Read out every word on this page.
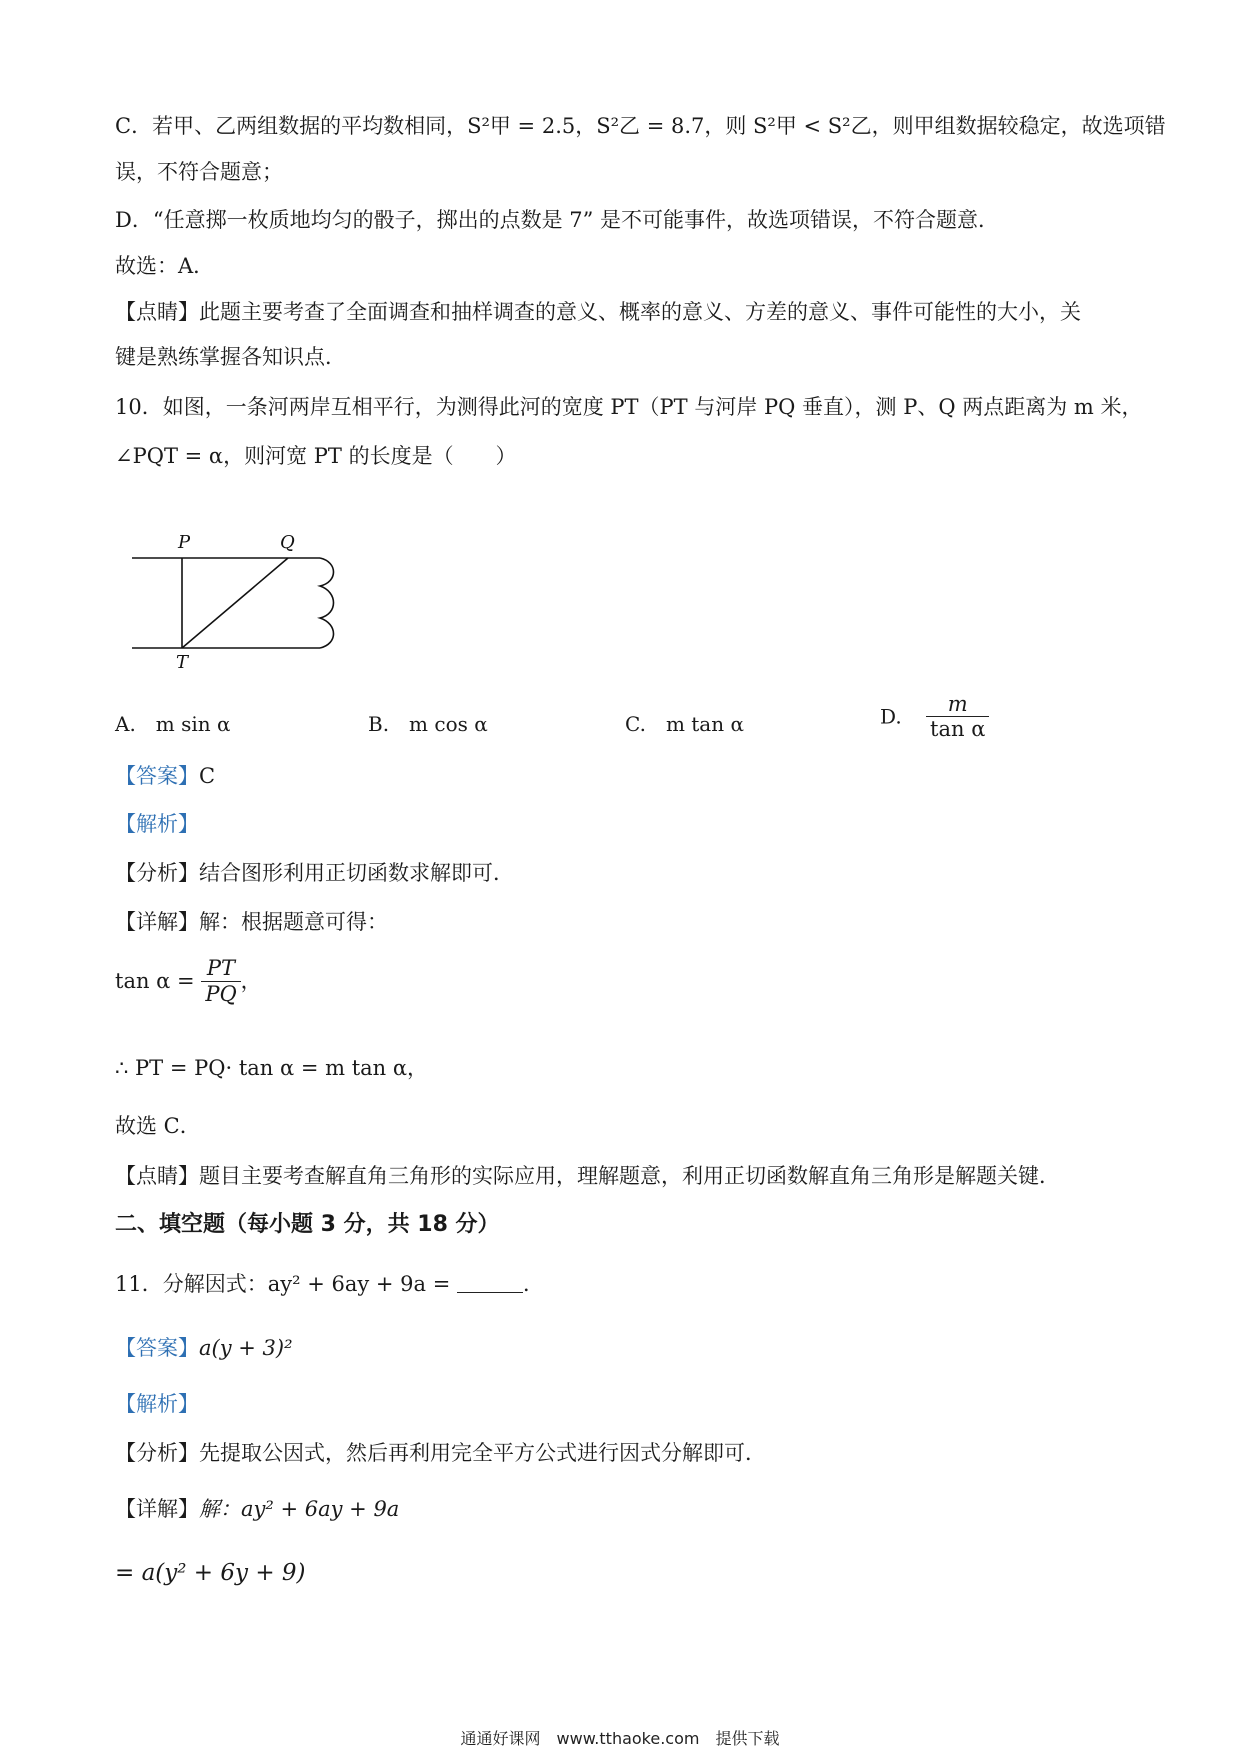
C．若甲、乙两组数据的平均数相同，S²甲 = 2.5，S²乙 = 8.7，则 S²甲 < S²乙，则甲组数据较稳定，故选项错
误，不符合题意；
D．“任意掷一枚质地均匀的骰子，掷出的点数是 7” 是不可能事件，故选项错误，不符合题意．
故选：A．
【点睛】此题主要考查了全面调查和抽样调查的意义、概率的意义、方差的意义、事件可能性的大小，关
键是熟练掌握各知识点．
10．如图，一条河两岸互相平行，为测得此河的宽度 PT（PT 与河岸 PQ 垂直），测 P、Q 两点距离为 m 米，
∠PQT = α，则河宽 PT 的长度是（　　）
P	Q
T
A.　m sin α	B.　m cos α	C.　m tan α	D. $\frac{m}{\text{tan α}}$
【答案】C
【解析】
【分析】结合图形利用正切函数求解即可．
【详解】解：根据题意可得：
$\tan \alpha = \frac{PT}{PQ}$ ，
∴ PT = PQ· tan α = m tan α，
故选 C．
【点睛】题目主要考查解直角三角形的实际应用，理解题意，利用正切函数解直角三角形是解题关键．
二、填空题（每小题 3 分，共 18 分）
11．分解因式：ay² + 6ay + 9a =	．
【答案】a(y + 3)²
【解析】
【分析】先提取公因式，然后再利用完全平方公式进行因式分解即可．
【详解】解：ay² + 6ay + 9a
= a(y² + 6y + 9)
通通好课网　www.tthaoke.com　提供下载
